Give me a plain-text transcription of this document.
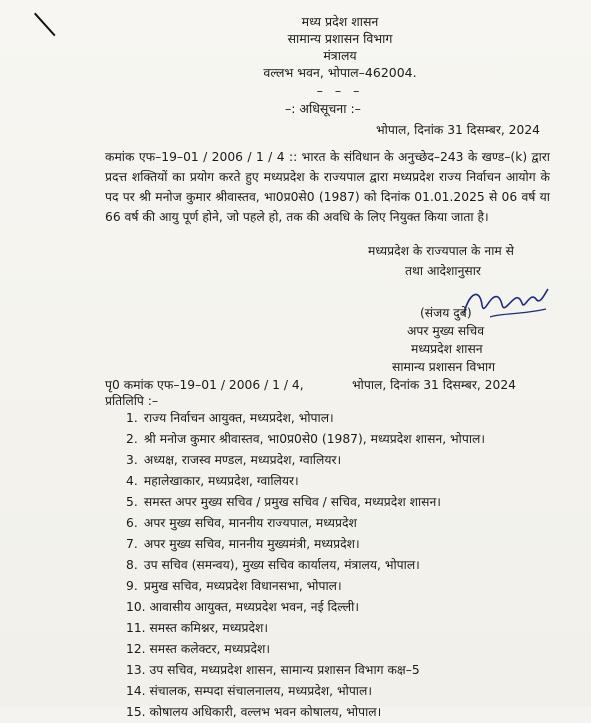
मध्य प्रदेश शासन
सामान्य प्रशासन विभाग
मंत्रालय
वल्लभ भवन, भोपाल–462004.
– – –
–: अधिसूचना :–
भोपाल, दिनांक 31 दिसम्बर, 2024
कमांक एफ–19–01 / 2006 / 1 / 4 :: भारत के संविधान के अनुच्छेद–243 के खण्ड–(k) द्वारा प्रदत्त शक्तियों का प्रयोग करते हुए मध्यप्रदेश के राज्यपाल द्वारा मध्यप्रदेश राज्य निर्वाचन आयोग के पद पर श्री मनोज कुमार श्रीवास्तव, भा0प्र0से0 (1987) को दिनांक 01.01.2025 से 06 वर्ष या 66 वर्ष की आयु पूर्ण होने, जो पहले हो, तक की अवधि के लिए नियुक्त किया जाता है।
मध्यप्रदेश के राज्यपाल के नाम से
तथा आदेशानुसार
(संजय दुबे)
अपर मुख्य सचिव
मध्यप्रदेश शासन
सामान्य प्रशासन विभाग
पृ0 कमांक एफ–19–01 / 2006 / 1 / 4,	भोपाल, दिनांक 31 दिसम्बर, 2024
प्रतिलिपि :–
1. राज्य निर्वाचन आयुक्त, मध्यप्रदेश, भोपाल।
2. श्री मनोज कुमार श्रीवास्तव, भा0प्र0से0 (1987), मध्यप्रदेश शासन, भोपाल।
3. अध्यक्ष, राजस्व मण्डल, मध्यप्रदेश, ग्वालियर।
4. महालेखाकार, मध्यप्रदेश, ग्वालियर।
5. समस्त अपर मुख्य सचिव / प्रमुख सचिव / सचिव, मध्यप्रदेश शासन।
6. अपर मुख्य सचिव, माननीय राज्यपाल, मध्यप्रदेश
7. अपर मुख्य सचिव, माननीय मुख्यमंत्री, मध्यप्रदेश।
8. उप सचिव (समन्वय), मुख्य सचिव कार्यालय, मंत्रालय, भोपाल।
9. प्रमुख सचिव, मध्यप्रदेश विधानसभा, भोपाल।
10. आवासीय आयुक्त, मध्यप्रदेश भवन, नई दिल्ली।
11. समस्त कमिश्नर, मध्यप्रदेश।
12. समस्त कलेक्टर, मध्यप्रदेश।
13. उप सचिव, मध्यप्रदेश शासन, सामान्य प्रशासन विभाग कक्ष–5
14. संचालक, सम्पदा संचालनालय, मध्यप्रदेश, भोपाल।
15. कोषालय अधिकारी, वल्लभ भवन कोषालय, भोपाल।
